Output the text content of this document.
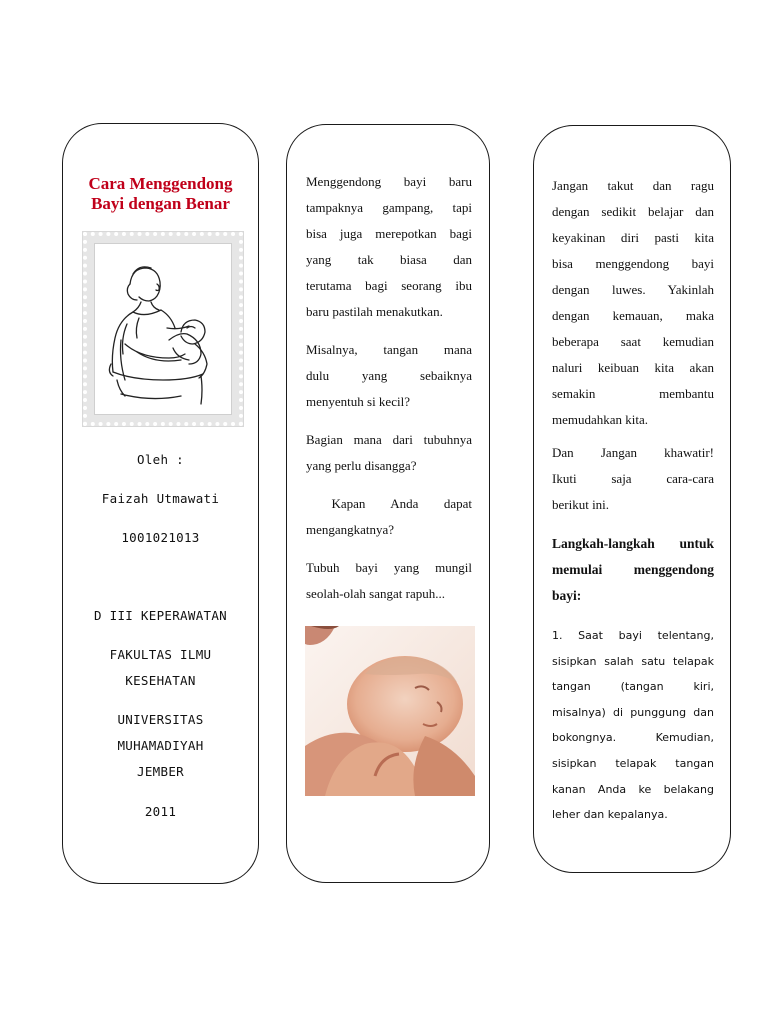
Cara Menggendong
Bayi dengan Benar
Oleh :
Faizah Utmawati
1001021013
D III KEPERAWATAN
FAKULTAS ILMU
KESEHATAN
UNIVERSITAS
MUHAMADIYAH
JEMBER
2011

Menggendong bayi baru
tampaknya gampang, tapi
bisa juga merepotkan bagi
yang tak biasa dan
terutama bagi seorang ibu
baru pastilah menakutkan.

Misalnya, tangan mana
dulu yang sebaiknya
menyentuh si kecil?

Bagian mana dari tubuhnya
yang perlu disangga?

Kapan Anda dapat
mengangkatnya?

Tubuh bayi yang mungil
seolah-olah sangat rapuh...

Jangan takut dan ragu
dengan sedikit belajar dan
keyakinan diri pasti kita
bisa menggendong bayi
dengan luwes. Yakinlah
dengan kemauan, maka
beberapa saat kemudian
naluri keibuan kita akan
semakin membantu
memudahkan kita.
Dan Jangan khawatir!
Ikuti saja cara-cara
berikut ini.
Langkah-langkah untuk
memulai menggendong
bayi:
1. Saat bayi telentang,
sisipkan salah satu telapak
tangan (tangan kiri,
misalnya) di punggung dan
bokongnya. Kemudian,
sisipkan telapak tangan
kanan Anda ke belakang
leher dan kepalanya.
